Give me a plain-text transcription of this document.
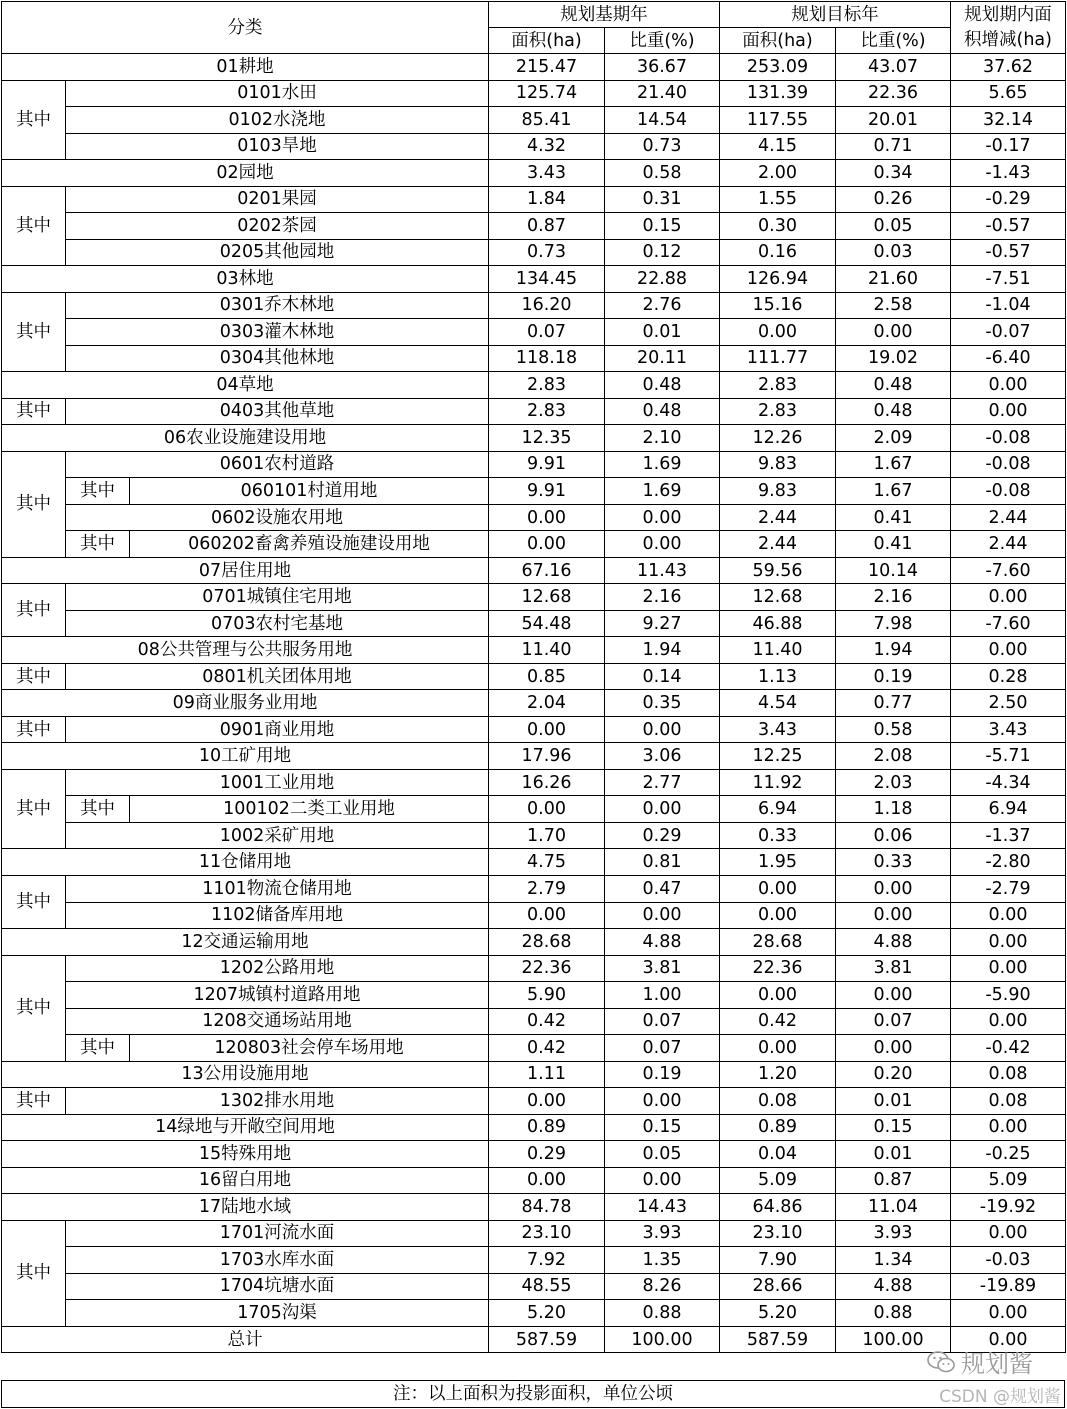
分类			规划基期年		规划目标年		规划期内面
积增减(ha)
			面积(ha)	比重(%)	面积(ha)	比重(%)	
01耕地			215.47	36.67	253.09	43.07	37.62
其中	0101水田		125.74	21.40	131.39	22.36	5.65
	0102水浇地		85.41	14.54	117.55	20.01	32.14
	0103旱地		4.32	0.73	4.15	0.71	-0.17
02园地			3.43	0.58	2.00	0.34	-1.43
其中	0201果园		1.84	0.31	1.55	0.26	-0.29
	0202茶园		0.87	0.15	0.30	0.05	-0.57
	0205其他园地		0.73	0.12	0.16	0.03	-0.57
03林地			134.45	22.88	126.94	21.60	-7.51
其中	0301乔木林地		16.20	2.76	15.16	2.58	-1.04
	0303灌木林地		0.07	0.01	0.00	0.00	-0.07
	0304其他林地		118.18	20.11	111.77	19.02	-6.40
04草地			2.83	0.48	2.83	0.48	0.00
其中	0403其他草地		2.83	0.48	2.83	0.48	0.00
06农业设施建设用地			12.35	2.10	12.26	2.09	-0.08
其中	0601农村道路		9.91	1.69	9.83	1.67	-0.08
	其中	060101村道用地	9.91	1.69	9.83	1.67	-0.08
	0602设施农用地		0.00	0.00	2.44	0.41	2.44
	其中	060202畜禽养殖设施建设用地	0.00	0.00	2.44	0.41	2.44
07居住用地			67.16	11.43	59.56	10.14	-7.60
其中	0701城镇住宅用地		12.68	2.16	12.68	2.16	0.00
	0703农村宅基地		54.48	9.27	46.88	7.98	-7.60
08公共管理与公共服务用地			11.40	1.94	11.40	1.94	0.00
其中	0801机关团体用地		0.85	0.14	1.13	0.19	0.28
09商业服务业用地			2.04	0.35	4.54	0.77	2.50
其中	0901商业用地		0.00	0.00	3.43	0.58	3.43
10工矿用地			17.96	3.06	12.25	2.08	-5.71
其中	1001工业用地		16.26	2.77	11.92	2.03	-4.34
	其中	100102二类工业用地	0.00	0.00	6.94	1.18	6.94
	1002采矿用地		1.70	0.29	0.33	0.06	-1.37
11仓储用地			4.75	0.81	1.95	0.33	-2.80
其中	1101物流仓储用地		2.79	0.47	0.00	0.00	-2.79
	1102储备库用地		0.00	0.00	0.00	0.00	0.00
12交通运输用地			28.68	4.88	28.68	4.88	0.00
其中	1202公路用地		22.36	3.81	22.36	3.81	0.00
	1207城镇村道路用地		5.90	1.00	0.00	0.00	-5.90
	1208交通场站用地		0.42	0.07	0.42	0.07	0.00
	其中	120803社会停车场用地	0.42	0.07	0.00	0.00	-0.42
13公用设施用地			1.11	0.19	1.20	0.20	0.08
其中	1302排水用地		0.00	0.00	0.08	0.01	0.08
14绿地与开敞空间用地			0.89	0.15	0.89	0.15	0.00
15特殊用地			0.29	0.05	0.04	0.01	-0.25
16留白用地			0.00	0.00	5.09	0.87	5.09
17陆地水域			84.78	14.43	64.86	11.04	-19.92
其中	1701河流水面		23.10	3.93	23.10	3.93	0.00
	1703水库水面		7.92	1.35	7.90	1.34	-0.03
	1704坑塘水面		48.55	8.26	28.66	4.88	-19.89
	1705沟渠		5.20	0.88	5.20	0.88	0.00
总计			587.59	100.00	587.59	100.00	0.00
规划酱
注：以上面积为投影面积，单位公顷	CSDN @规划酱
